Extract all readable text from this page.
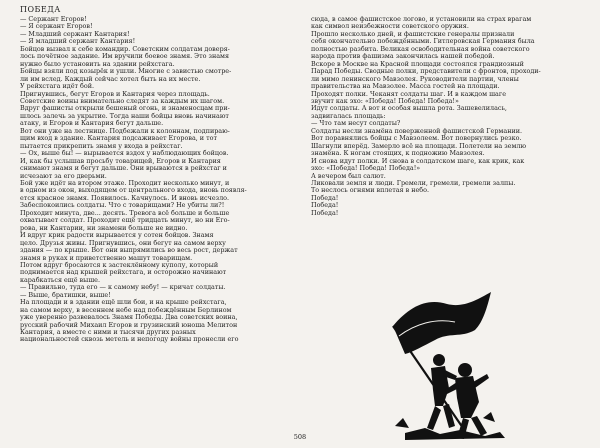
ПОБЕДА

— Сержант Егоров!

— Я сержант Егоров!

— Младший сержант Кантария!

— Я младший сержант Кантария!

Бойцов вызвал к себе командир. Советским солдатам доверя-

лось почётное задание. Им вручили боевое знамя. Это знамя

нужно было установить на здании рейхстага.

Бойцы взяли под козырёк и ушли. Многие с завистью смотре-

ли им вслед. Каждый сейчас хотел быть на их месте.

У рейхстага идёт бой.

Пригнувшись, бегут Егоров и Кантария через площадь.

Советские воины внимательно следят за каждым их шагом.

Вдруг фашисты открыли бешеный огонь, и знаменосцам при-

шлось залечь за укрытие. Тогда наши бойцы вновь начинают

атаку, и Егоров и Кантария бегут дальше.

Вот они уже на лестнице. Подбежали к колоннам, подпираю-

щим вход в здание. Кантария подсаживает Егорова, и тот

пытается прикрепить знамя у входа в рейхстаг.

— Ох, выше бы! — вырывается вздох у наблюдающих бойцов.

И, как бы услышав просьбу товарищей, Егоров и Кантария

снимают знамя и бегут дальше. Они врываются в рейхстаг и

исчезают за его дверьми.

Бой уже идёт на втором этаже. Проходит несколько минут, и

в одном из окон, выходящем от центрального входа, вновь появля-

ется красное знамя. Появилось. Качнулось. И вновь исчезло.

Забеспокоились солдаты. Что с товарищами? Не убиты ли?!

Проходит минута, две... десять. Тревога всё больше и больше

охватывает солдат. Проходит ещё тридцать минут, но ни Его-

рова, ни Кантарии, ни знамени больше не видно.

И вдруг крик радости вырывается у сотен бойцов. Знамя

цело. Друзья живы. Пригнувшись, они бегут на самом верху

здания — по крыше. Вот они выпрямились во весь рост, держат

знамя в руках и приветственно машут товарищам.

Потом вдруг бросаются к застеклённому куполу, который

поднимается над крышей рейхстага, и осторожно начинают

карабкаться ещё выше.

— Правильно, туда его — к самому небу! — кричат солдаты.

— Выше, братишки, выше!

На площади и в здании ещё шли бои, и на крыше рейхстага,

на самом верху, в весеннем небе над побеждённым Берлином

уже уверенно развевалось Знамя Победы. Два советских воина,

русский рабочий Михаил Егоров и грузинский юноша Мелитон

Кантария, а вместе с ними и тысячи других разных

национальностей сквозь метель и непогоду войны пронесли его

сюда, в самое фашистское логово, и установили на страх врагам

как символ неизбежности советского оружия.

Прошло несколько дней, и фашистские генералы признали

себя окончательно побеждёнными. Гитлеровская Германия была

полностью разбита. Великая освободительная война советского

народа против фашизма закончилась нашей победой.

Вскоре в Москве на Красной площади состоялся грандиозный

Парад Победы. Сводные полки, представители с фронтов, проходи-

ли мимо ленинского Мавзолея. Руководители партии, члены

правительства на Мавзолее. Масса гостей на площади.

Проходят полки. Чеканят солдаты шаг. И в каждом шаге

звучит как эхо: «Победа! Победа! Победа!»

Идут солдаты. А вот и особая вышла рота. Зашевелилась,

задвигалась площадь:

— Что там несут солдаты?

Солдаты несли знамёна поверженной фашистской Германии.

Вот поравнялись бойцы с Мавзолеем. Вот повернулись резко.

Шагнули вперёд. Замерло всё на площади. Полетели на землю

знамёна. К ногам стоящих, к подножию Мавзолея.

И снова идут полки. И снова в солдатском шаге, как крик, как

эхо: «Победа! Победа! Победа!»

А вечером был салют.

Ликовали земля и люди. Гремели, гремели, гремели залпы.

То неслось огнями вплетая в небо.

Победа!

Победа!

Победа!

508
